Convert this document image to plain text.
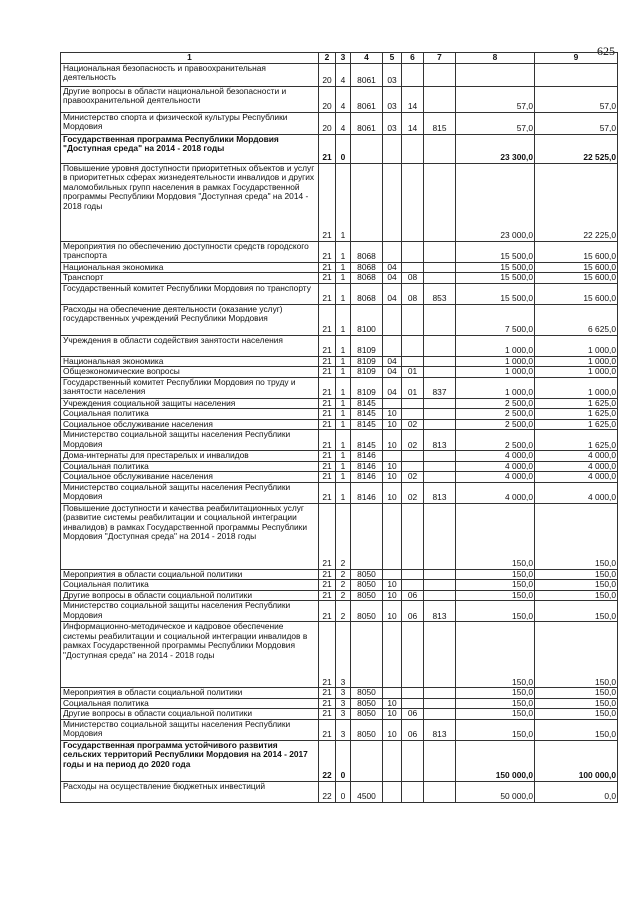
625
1	2	3	4	5	6	7	8	9
Национальная безопасность и правоохранительная деятельность	20	4	8061	03				
Другие вопросы в области национальной безопасности и правоохранительной деятельности	20	4	8061	03	14		57,0	57,0
Министерство спорта и физической культуры Республики Мордовия	20	4	8061	03	14	815	57,0	57,0
Государственная программа Республики Мордовия "Доступная среда" на 2014 - 2018 годы	21	0					23 300,0	22 525,0
Повышение уровня доступности приоритетных объектов и услуг в приоритетных сферах жизнедеятельности инвалидов и других маломобильных групп населения в рамках Государственной программы Республики Мордовия "Доступная среда" на 2014 - 2018 годы	21	1					23 000,0	22 225,0
Мероприятия по обеспечению доступности средств городского транспорта	21	1	8068				15 500,0	15 600,0
Национальная экономика	21	1	8068	04			15 500,0	15 600,0
Транспорт	21	1	8068	04	08		15 500,0	15 600,0
Государственный комитет Республики Мордовия по транспорту	21	1	8068	04	08	853	15 500,0	15 600,0
Расходы на обеспечение деятельности (оказание услуг) государственных учреждений Республики Мордовия	21	1	8100				7 500,0	6 625,0
Учреждения в области содействия занятости населения	21	1	8109				1 000,0	1 000,0
Национальная экономика	21	1	8109	04			1 000,0	1 000,0
Общеэкономические вопросы	21	1	8109	04	01		1 000,0	1 000,0
Государственный комитет Республики Мордовия по труду и занятости населения	21	1	8109	04	01	837	1 000,0	1 000,0
Учреждения социальной защиты населения	21	1	8145				2 500,0	1 625,0
Социальная политика	21	1	8145	10			2 500,0	1 625,0
Социальное обслуживание населения	21	1	8145	10	02		2 500,0	1 625,0
Министерство социальной защиты населения Республики Мордовия	21	1	8145	10	02	813	2 500,0	1 625,0
Дома-интернаты для престарелых и инвалидов	21	1	8146				4 000,0	4 000,0
Социальная политика	21	1	8146	10			4 000,0	4 000,0
Социальное обслуживание населения	21	1	8146	10	02		4 000,0	4 000,0
Министерство социальной защиты населения Республики Мордовия	21	1	8146	10	02	813	4 000,0	4 000,0
Повышение доступности и качества реабилитационных услуг (развитие системы реабилитации и социальной интеграции инвалидов) в рамках Государственной программы Республики Мордовия "Доступная среда" на 2014 - 2018 годы	21	2					150,0	150,0
Мероприятия в области социальной политики	21	2	8050				150,0	150,0
Социальная политика	21	2	8050	10			150,0	150,0
Другие вопросы в области социальной политики	21	2	8050	10	06		150,0	150,0
Министерство социальной защиты населения Республики Мордовия	21	2	8050	10	06	813	150,0	150,0
Информационно-методическое и кадровое обеспечение системы реабилитации и социальной интеграции инвалидов в рамках Государственной программы Республики Мордовия "Доступная среда" на 2014 - 2018 годы	21	3					150,0	150,0
Мероприятия в области социальной политики	21	3	8050				150,0	150,0
Социальная политика	21	3	8050	10			150,0	150,0
Другие вопросы в области социальной политики	21	3	8050	10	06		150,0	150,0
Министерство социальной защиты населения Республики Мордовия	21	3	8050	10	06	813	150,0	150,0
Государственная программа устойчивого развития сельских территорий Республики Мордовия на 2014 - 2017 годы и на период до 2020 года	22	0					150 000,0	100 000,0
Расходы на осуществление бюджетных инвестиций	22	0	4500				50 000,0	0,0
